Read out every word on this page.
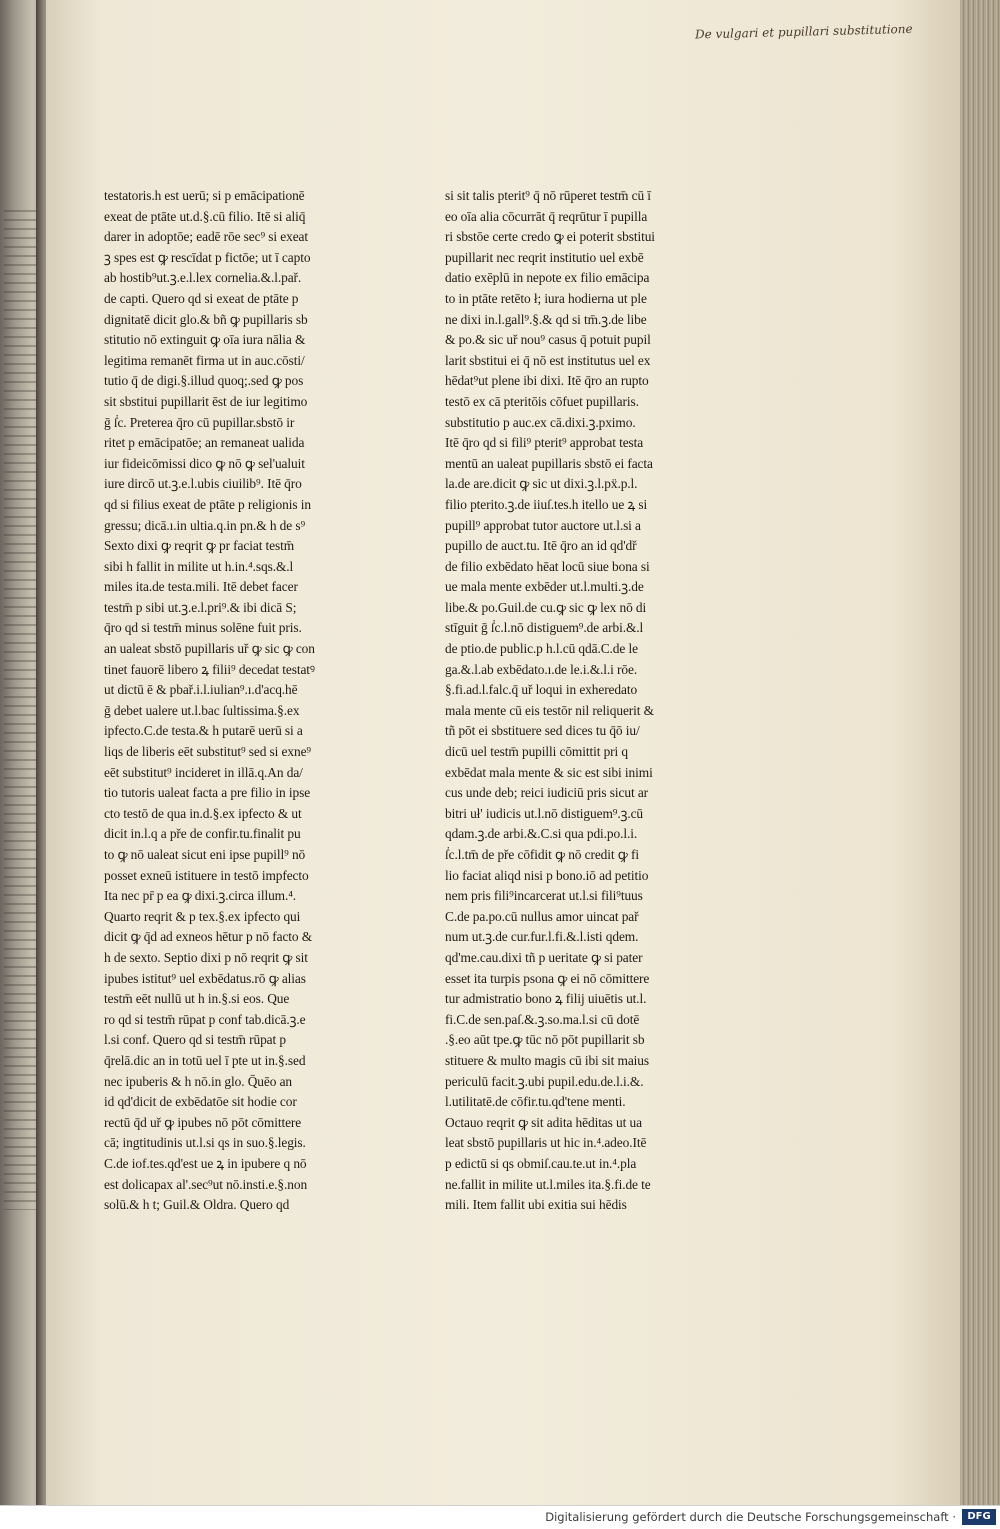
De vulgari et pupillari substitutione
testatoris.h est uerū; si p emācipationē
exeat de ptāte ut.d.§.cū filio. Itē si aliq̄
darer in adoptōe; eadē rōe sec⁹ si exeat
ꝫ spes est ꝙ rescīdat p fictōe; ut ī capto
ab hostib⁹ut.ꝫ.e.l.lex cornelia.&.l.pař.
de capti. Quero qd si exeat de ptāte p
dignitatē dicit glo.& bñ ꝙ pupillaris sb
stitutio nō extinguit ꝙ oīa iura nālia &
legitima remanēt firma ut in auc.cōsti/
tutio q̄ de digi.§.illud quoq;.sed ꝙ pos
sit sbstitui pupillarit ēst de iur legitimo
ḡ ẛc. Preterea q̄ro cū pupillar.sbstō ir
ritet p emācipatōe; an remaneat ualida
iur fideicōmissi dico ꝙ nō ꝙ sel'ualuit
iure dircō ut.ꝫ.e.l.ubis ciuilib⁹. Itē q̄ro
qd si filius exeat de ptāte p religionis in
gressu; dicā.ı.in ultia.q.in pn.& h de s⁹
Sexto dixi ꝙ reqrit ꝙ pr faciat testm̄
sibi h fallit in milite ut h.in.⁴.sqs.&.l
miles ita.de testa.mili. Itē debet facer
testm̄ p sibi ut.ꝫ.e.l.pri⁹.& ibi dicā S;
q̄ro qd si testm̄ minus solēne fuit pris.
an ualeat sbstō pupillaris uř ꝙ sic ꝙ con
tinet fauorē libero ꝝ filii⁹ decedat testatꝰ
ut dictū ē & pbař.i.l.iulian⁹.ı.d'acq.hē
ḡ debet ualere ut.l.bac ſultissima.§.ex
ipfecto.C.de testa.& h putarē uerū si a
liqs de liberis eēt substitut⁹ sed si exne⁹
eēt substitut⁹ incideret in illā.q.An da/
tio tutoris ualeat facta a pre filio in ipse
cto testō de qua in.d.§.ex ipfecto & ut
dicit in.l.q a pře de confir.tu.finalit pu
to ꝙ nō ualeat sicut eni ipse pupill⁹ nō
posset exneū istituere in testō impfecto
Ita nec pr̄ p ea ꝙ dixi.ꝫ.circa illum.⁴.
Quarto reqrit & p tex.§.ex ipfecto qui
dicit ꝙ q̄d ad exneos hētur p nō facto &
h de sexto. Septio dixi p nō reqrit ꝙ sit
ipubes istitut⁹ uel exbēdatus.rō ꝙ alias
testm̄ eēt nullū ut h in.§.si eos. Que
ro qd si testm̄ rūpat p conf tab.dicā.ꝫ.e
l.si conf. Quero qd si testm̄ rūpat p
q̄relā.dic an in totū uel ī pte ut in.§.sed
nec ipuberis & h nō.in glo. Q̄uēo an
id qd'dicit de exbēdatōe sit hodie cor
rectū q̄d uř ꝙ ipubes nō pōt cōmittere
cā; ingtitudinis ut.l.si qs in suo.§.legis.
C.de iof.tes.qd'est ue ꝝ in ipubere q nō
est dolicapax al'.sec⁹ut nō.insti.e.§.non
solū.& h t; Guil.& Oldra. Quero qd
si sit talis pterit⁹ q̄ nō rūperet testm̄ cū ī
eo oīa alia cōcurrāt q̄ reqrūtur ī pupilla
ri sbstōe certe credo ꝙ ei poterit sbstitui
pupillarit nec reqrit institutio uel exbē
datio exēplū in nepote ex filio emācipa
to in ptāte retēto ł; iura hodierna ut ple
ne dixi in.l.gall⁹.§.& qd si tm̄.ꝫ.de libe
& po.& sic uř nou⁹ casus q̄ potuit pupil
larit sbstitui ei q̄ nō est institutus uel ex
hēdat⁹ut plene ibi dixi. Itē q̄ro an rupto
testō ex cā pteritōis cōfuet pupillaris.
substitutio p auc.ex cā.dixi.ꝫ.pximo.
Itē q̄ro qd si fili⁹ pterit⁹ approbat testa
mentū an ualeat pupillaris sbstō ei facta
la.de are.dicit ꝙ sic ut dixi.ꝫ.l.pẍ.p.l.
filio pterito.ꝫ.de iiuſ.tes.h itello ue ꝝ si
pupill⁹ approbat tutor auctore ut.l.si a
pupillo de auct.tu. Itē q̄ro an id qd'dř
de filio exbēdato hēat locū siue bona si
ue mala mente exbēder ut.l.multi.ꝫ.de
libe.& po.Guil.de cu.ꝙ sic ꝙ lex nō di
stīguit ḡ ẛc.l.nō distiguem⁹.de arbi.&.l
de ptio.de public.p h.l.cū qdā.C.de le
ga.&.l.ab exbēdato.ı.de le.i.&.l.i rōe.
§.fi.ad.l.falc.q̄ uř loqui in exheredato
mala mente cū eis testōr nil reliquerit &
tñ pōt ei sbstituere sed dices tu q̄ō iu/
dicū uel testm̄ pupilli cōmittit pri q
exbēdat mala mente & sic est sibi inimi
cus unde deb; reici iudiciū pris sicut ar
bitri uł' iudicis ut.l.nō distiguem⁹.ꝫ.cū
qdam.ꝫ.de arbi.&.C.si qua pdi.po.l.i.
ẛc.l.tm̄ de pře cōfidit ꝙ nō credit ꝙ fi
lio faciat aliqd nisi p bono.iō ad petitio
nem pris fili⁹incarcerat ut.l.si fili⁹tuus
C.de pa.po.cū nullus amor uincat pař
num ut.ꝫ.de cur.fur.l.fi.&.l.isti qdem.
qd'me.cau.dixi tñ p ueritate ꝙ si pater
esset ita turpis psona ꝙ ei nō cōmittere
tur admistratio bono ꝝ filij uiuētis ut.l.
fi.C.de sen.paſ.&.ꝫ.so.ma.l.si cū dotē
.§.eo aūt tpe.ꝙ tūc nō pōt pupillarit sb
stituere & multo magis cū ibi sit maius
periculū facit.ꝫ.ubi pupil.edu.de.l.i.&.
l.utilitatē.de cōfir.tu.qd'tene menti.
Octauo reqrit ꝙ sit adita hēditas ut ua
leat sbstō pupillaris ut hic in.⁴.adeo.Itē
p edictū si qs obmiſ.cau.te.ut in.⁴.pla
ne.fallit in milite ut.l.miles ita.§.fi.de te
mili. Item fallit ubi exitia sui hēdis
Digitalisierung gefördert durch die Deutsche Forschungsgemeinschaft ·	DFG
